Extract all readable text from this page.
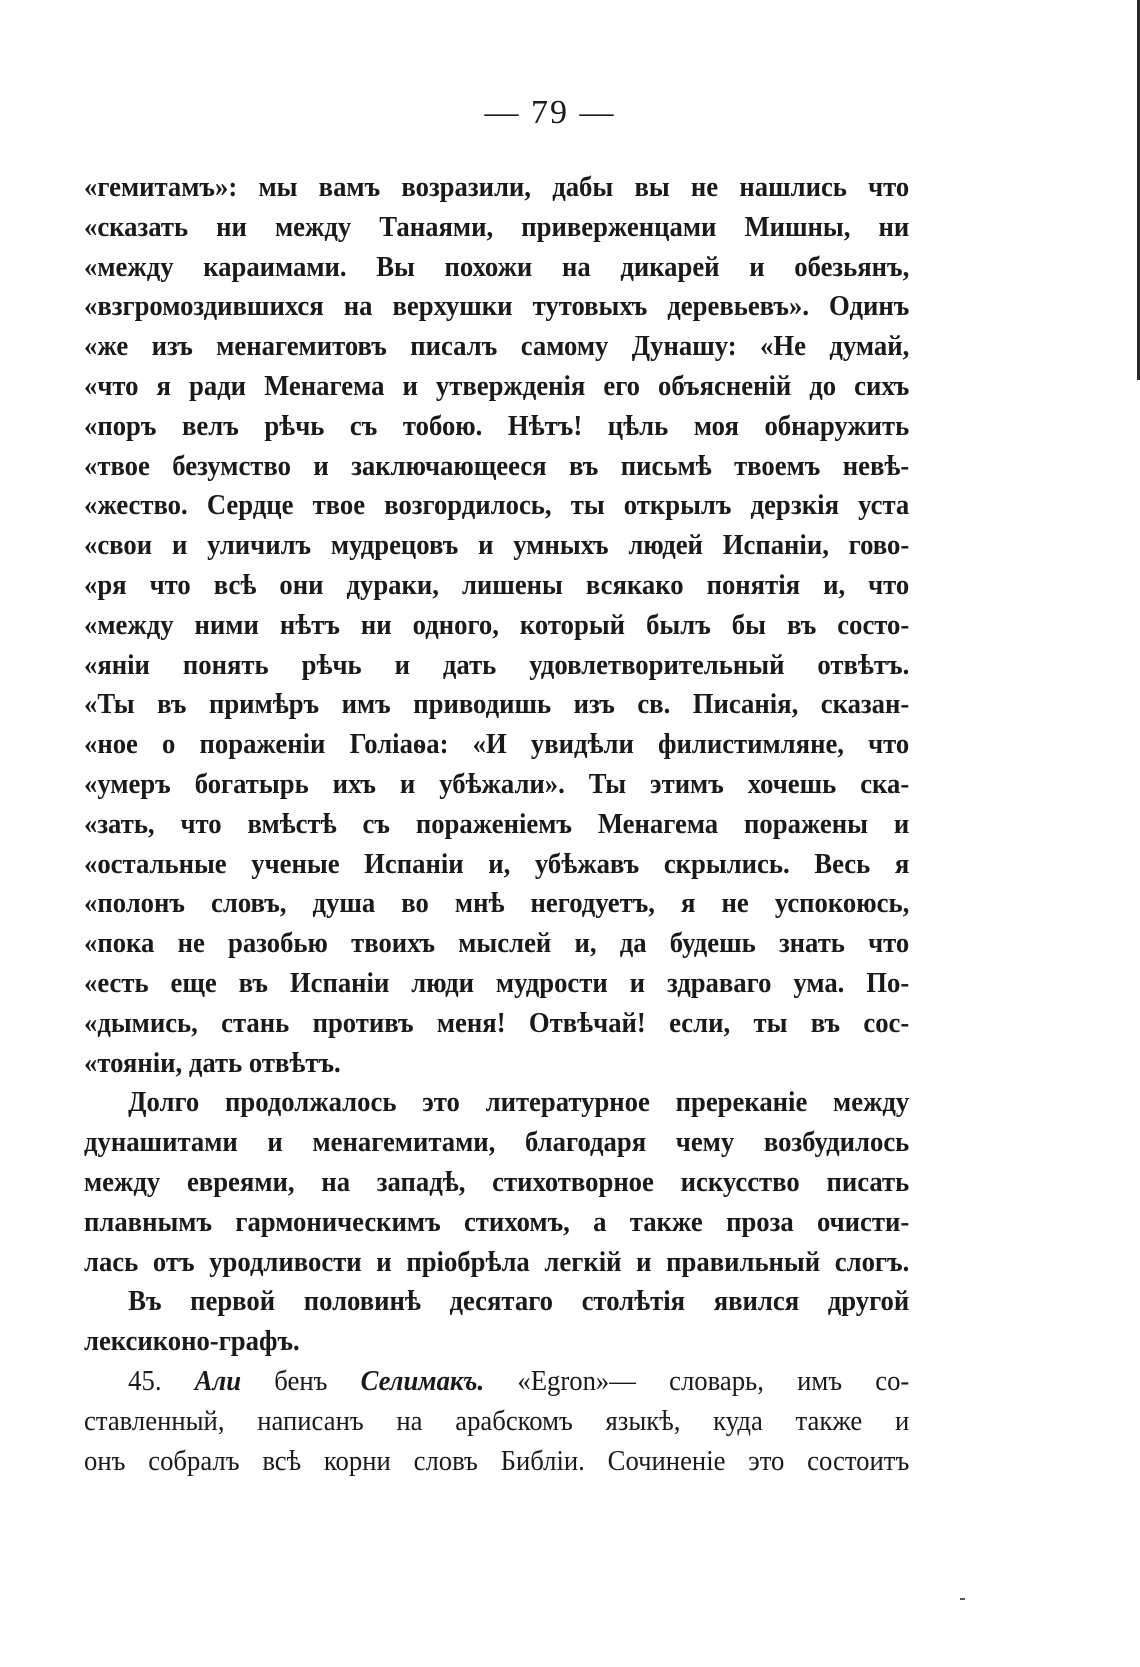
— 79 —
«гемитамъ»: мы вамъ возразили, дабы вы не нашлись что
«сказать ни между Танаями, приверженцами Мишны, ни
«между караимами. Вы похожи на дикарей и обезьянъ,
«взгромоздившихся на верхушки тутовыхъ деревьевъ». Одинъ
«же изъ менагемитовъ писалъ самому Дунашу: «Не думай,
«что я ради Менагема и утвержденія его объясненій до сихъ
«поръ велъ рѣчь съ тобою. Нѣтъ! цѣль моя обнаружить
«твое безумство и заключающееся въ письмѣ твоемъ невѣ-
«жество. Сердце твое возгордилось, ты открылъ дерзкія уста
«свои и уличилъ мудрецовъ и умныхъ людей Испаніи, гово-
«ря что всѣ они дураки, лишены всякако понятія и, что
«между ними нѣтъ ни одного, который былъ бы въ состо-
«яніи понять рѣчь и дать удовлетворительный отвѣтъ.
«Ты въ примѣръ имъ приводишь изъ св. Писанія, сказан-
«ное о пораженіи Голіаѳа: «И увидѣли филистимляне, что
«умеръ богатырь ихъ и убѣжали». Ты этимъ хочешь ска-
«зать, что вмѣстѣ съ пораженіемъ Менагема поражены и
«остальные ученые Испаніи и, убѣжавъ скрылись. Весь я
«полонъ словъ, душа во мнѣ негодуетъ, я не успокоюсь,
«пока не разобью твоихъ мыслей и, да будешь знать что
«есть еще въ Испаніи люди мудрости и здраваго ума. По-
«дымись, стань противъ меня! Отвѣчай! если, ты въ сос-
«тояніи, дать отвѣтъ.
Долго продолжалось это литературное пререканіе между
дунашитами и менагемитами, благодаря чему возбудилось
между евреями, на западѣ, стихотворное искусство писать
плавнымъ гармоническимъ стихомъ, а также проза очисти-
лась отъ уродливости и пріобрѣла легкій и правильный слогъ.
Въ первой половинѣ десятаго столѣтія явился другой
лексиконо-графъ.
45. Али бенъ Селимакъ. «Egron»— словарь, имъ со-
ставленный, написанъ на арабскомъ языкѣ, куда также и
онъ собралъ всѣ корни словъ Библіи. Сочиненіе это состоитъ
